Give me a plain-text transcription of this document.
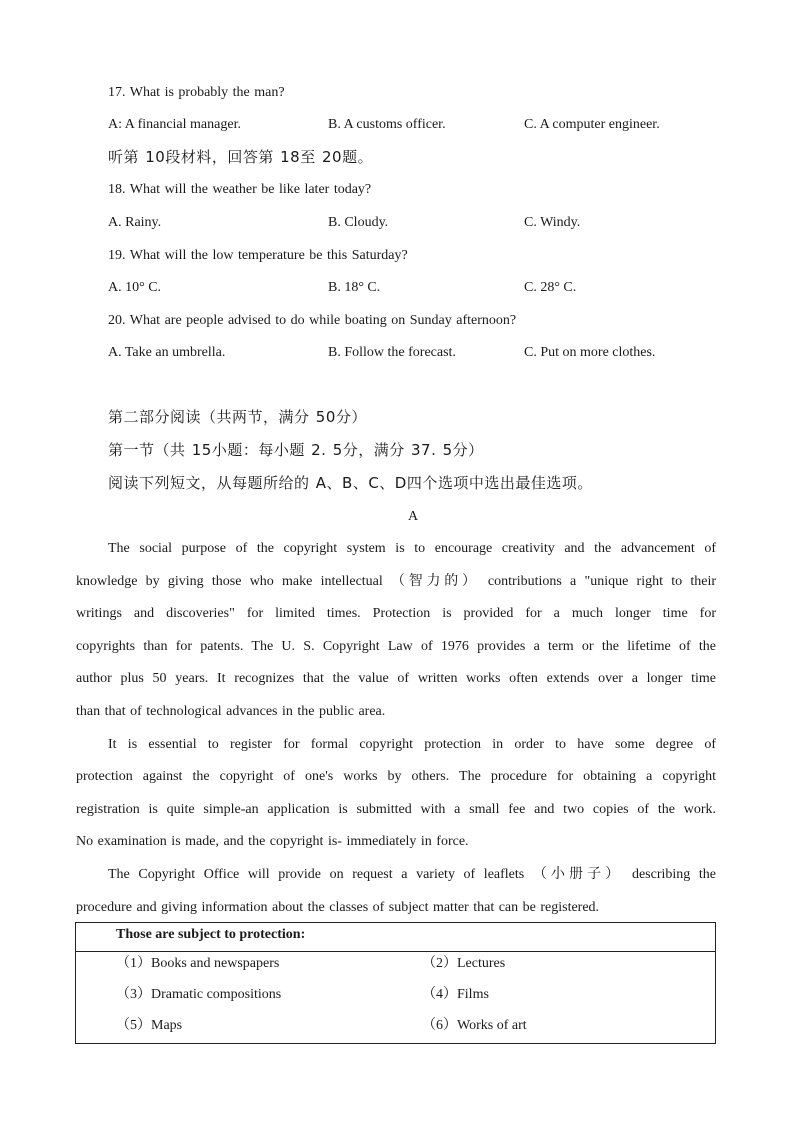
17. What is probably the man?
A: A financial manager.	B. A customs officer.	C. A computer engineer.
听第 10段材料，回答第 18至 20题。
18. What will the weather be like later today?
A. Rainy.	B. Cloudy.	C. Windy.
19. What will the low temperature be this Saturday?
A. 10° C.	B. 18° C.	C. 28° C.
20. What are people advised to do while boating on Sunday afternoon?
A. Take an umbrella.	B. Follow the forecast.	C. Put on more clothes.
第二部分阅读（共两节，满分 50分）
第一节（共 15小题：每小题 2. 5分，满分 37. 5分）
阅读下列短文，从每题所给的 A、B、C、D四个选项中选出最佳选项。
A
The social purpose of the copyright system is to encourage creativity and the advancement of
knowledge by giving those who make intellectual （智力的） contributions a "unique right to their
writings and discoveries" for limited times. Protection is provided for a much longer time for
copyrights than for patents. The U. S. Copyright Law of 1976 provides a term or the lifetime of the
author plus 50 years. It recognizes that the value of written works often extends over a longer time
than that of technological advances in the public area.
It is essential to register for formal copyright protection in order to have some degree of
protection against the copyright of one's works by others. The procedure for obtaining a copyright
registration is quite simple-an application is submitted with a small fee and two copies of the work.
No examination is made, and the copyright is- immediately in force.
The Copyright Office will provide on request a variety of leaflets （小册子） describing the
procedure and giving information about the classes of subject matter that can be registered.
Those are subject to protection:
（1）Books and newspapers	（2）Lectures
（3）Dramatic compositions	（4）Films
（5）Maps	（6）Works of art
